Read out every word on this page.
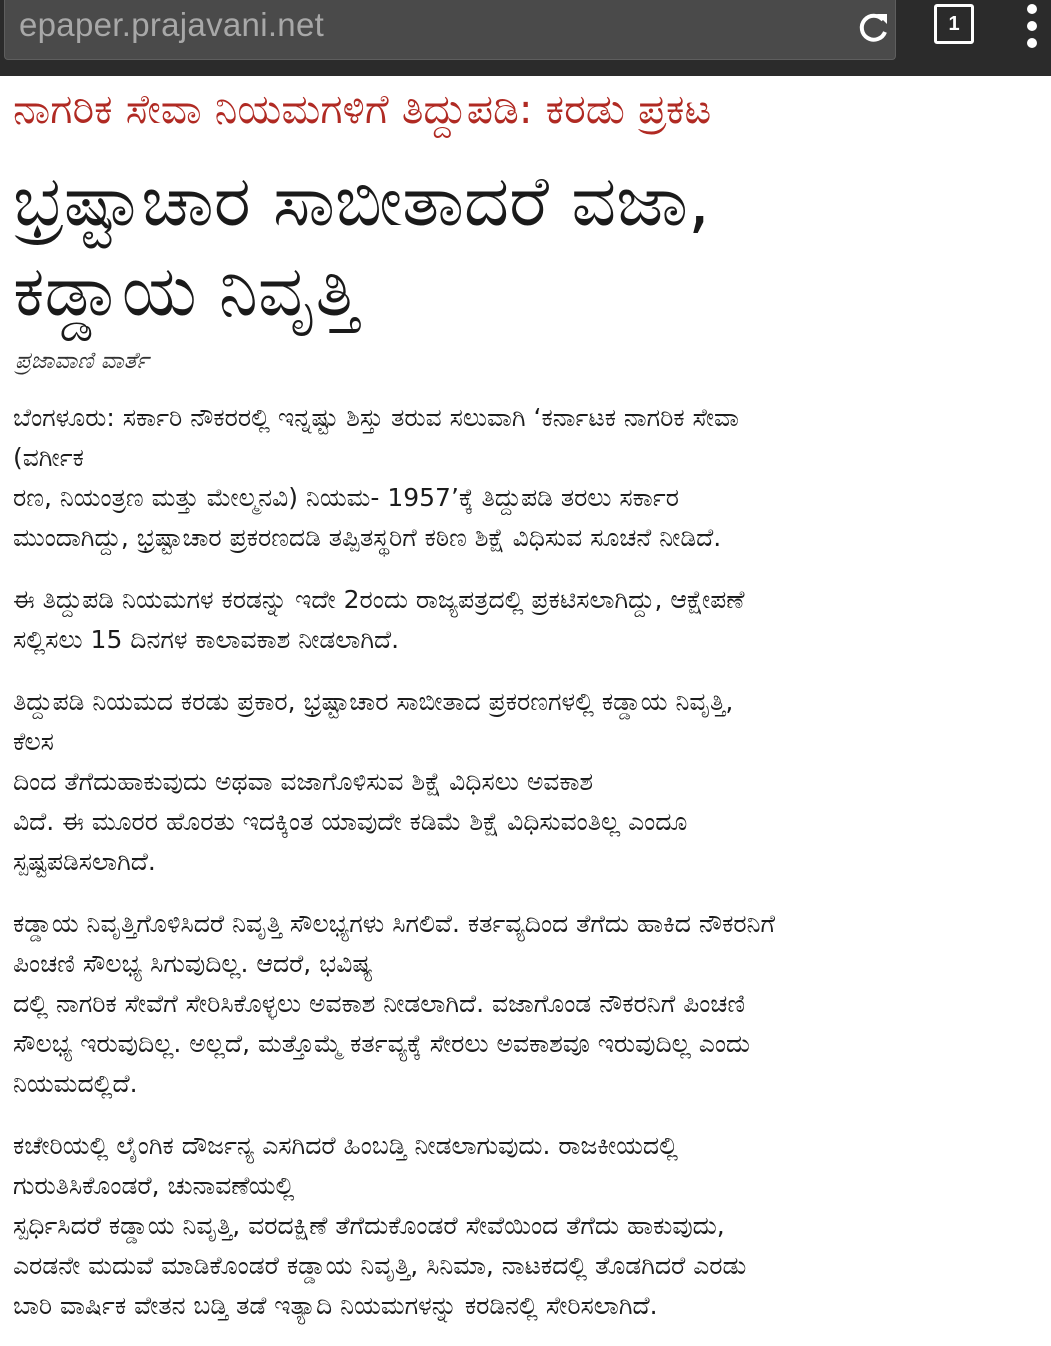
epaper.prajavani.net	1
ನಾಗರಿಕ ಸೇವಾ ನಿಯಮಗಳಿಗೆ ತಿದ್ದುಪಡಿ: ಕರಡು ಪ್ರಕಟ
ಭ್ರಷ್ಟಾಚಾರ ಸಾಬೀತಾದರೆ ವಜಾ,
ಕಡ್ಡಾಯ ನಿವೃತ್ತಿ
ಪ್ರಜಾವಾಣಿ ವಾರ್ತೆ

ಬೆಂಗಳೂರು: ಸರ್ಕಾರಿ ನೌಕರರಲ್ಲಿ ಇನ್ನಷ್ಟು ಶಿಸ್ತು ತರುವ ಸಲುವಾಗಿ ‘ಕರ್ನಾಟಕ ನಾಗರಿಕ ಸೇವಾ
(ವರ್ಗೀಕ
ರಣ, ನಿಯಂತ್ರಣ ಮತ್ತು ಮೇಲ್ಮನವಿ) ನಿಯಮ- 1957’ಕ್ಕೆ ತಿದ್ದುಪಡಿ ತರಲು ಸರ್ಕಾರ
ಮುಂದಾಗಿದ್ದು, ಭ್ರಷ್ಟಾಚಾರ ಪ್ರಕರಣದಡಿ ತಪ್ಪಿತಸ್ಥರಿಗೆ ಕಠಿಣ ಶಿಕ್ಷೆ ವಿಧಿಸುವ ಸೂಚನೆ ನೀಡಿದೆ.

ಈ ತಿದ್ದುಪಡಿ ನಿಯಮಗಳ ಕರಡನ್ನು ಇದೇ 2ರಂದು ರಾಜ್ಯಪತ್ರದಲ್ಲಿ ಪ್ರಕಟಿಸಲಾಗಿದ್ದು, ಆಕ್ಷೇಪಣೆ
ಸಲ್ಲಿಸಲು 15 ದಿನಗಳ ಕಾಲಾವಕಾಶ ನೀಡಲಾಗಿದೆ.

ತಿದ್ದುಪಡಿ ನಿಯಮದ ಕರಡು ಪ್ರಕಾರ, ಭ್ರಷ್ಟಾಚಾರ ಸಾಬೀತಾದ ಪ್ರಕರಣಗಳಲ್ಲಿ ಕಡ್ಡಾಯ ನಿವೃತ್ತಿ,
ಕೆಲಸ
ದಿಂದ ತೆಗೆದುಹಾಕುವುದು ಅಥವಾ ವಜಾಗೊಳಿಸುವ ಶಿಕ್ಷೆ ವಿಧಿಸಲು ಅವಕಾಶ
ವಿದೆ. ಈ ಮೂರರ ಹೊರತು ಇದಕ್ಕಿಂತ ಯಾವುದೇ ಕಡಿಮೆ ಶಿಕ್ಷೆ ವಿಧಿಸುವಂತಿಲ್ಲ ಎಂದೂ
ಸ್ಪಷ್ಟಪಡಿಸಲಾಗಿದೆ.

ಕಡ್ಡಾಯ ನಿವೃತ್ತಿಗೊಳಿಸಿದರೆ ನಿವೃತ್ತಿ ಸೌಲಭ್ಯಗಳು ಸಿಗಲಿವೆ. ಕರ್ತವ್ಯದಿಂದ ತೆಗೆದು ಹಾಕಿದ ನೌಕರನಿಗೆ
ಪಿಂಚಣಿ ಸೌಲಭ್ಯ ಸಿಗುವುದಿಲ್ಲ. ಆದರೆ, ಭವಿಷ್ಯ
ದಲ್ಲಿ ನಾಗರಿಕ ಸೇವೆಗೆ ಸೇರಿಸಿಕೊಳ್ಳಲು ಅವಕಾಶ ನೀಡಲಾಗಿದೆ. ವಜಾಗೊಂಡ ನೌಕರನಿಗೆ ಪಿಂಚಣಿ
ಸೌಲಭ್ಯ ಇರುವುದಿಲ್ಲ. ಅಲ್ಲದೆ, ಮತ್ತೊಮ್ಮೆ ಕರ್ತವ್ಯಕ್ಕೆ ಸೇರಲು ಅವಕಾಶವೂ ಇರುವುದಿಲ್ಲ ಎಂದು
ನಿಯಮದಲ್ಲಿದೆ.

ಕಚೇರಿಯಲ್ಲಿ ಲೈಂಗಿಕ ದೌರ್ಜನ್ಯ ಎಸಗಿದರೆ ಹಿಂಬಡ್ತಿ ನೀಡಲಾಗುವುದು. ರಾಜಕೀಯದಲ್ಲಿ
ಗುರುತಿಸಿಕೊಂಡರೆ, ಚುನಾವಣೆಯಲ್ಲಿ
ಸ್ಪರ್ಧಿಸಿದರೆ ಕಡ್ಡಾಯ ನಿವೃತ್ತಿ, ವರದಕ್ಷಿಣೆ ತೆಗೆದುಕೊಂಡರೆ ಸೇವೆಯಿಂದ ತೆಗೆದು ಹಾಕುವುದು,
ಎರಡನೇ ಮದುವೆ ಮಾಡಿಕೊಂಡರೆ ಕಡ್ಡಾಯ ನಿವೃತ್ತಿ, ಸಿನಿಮಾ, ನಾಟಕದಲ್ಲಿ ತೊಡಗಿದರೆ ಎರಡು
ಬಾರಿ ವಾರ್ಷಿಕ ವೇತನ ಬಡ್ತಿ ತಡೆ ಇತ್ಯಾದಿ ನಿಯಮಗಳನ್ನು ಕರಡಿನಲ್ಲಿ ಸೇರಿಸಲಾಗಿದೆ.
